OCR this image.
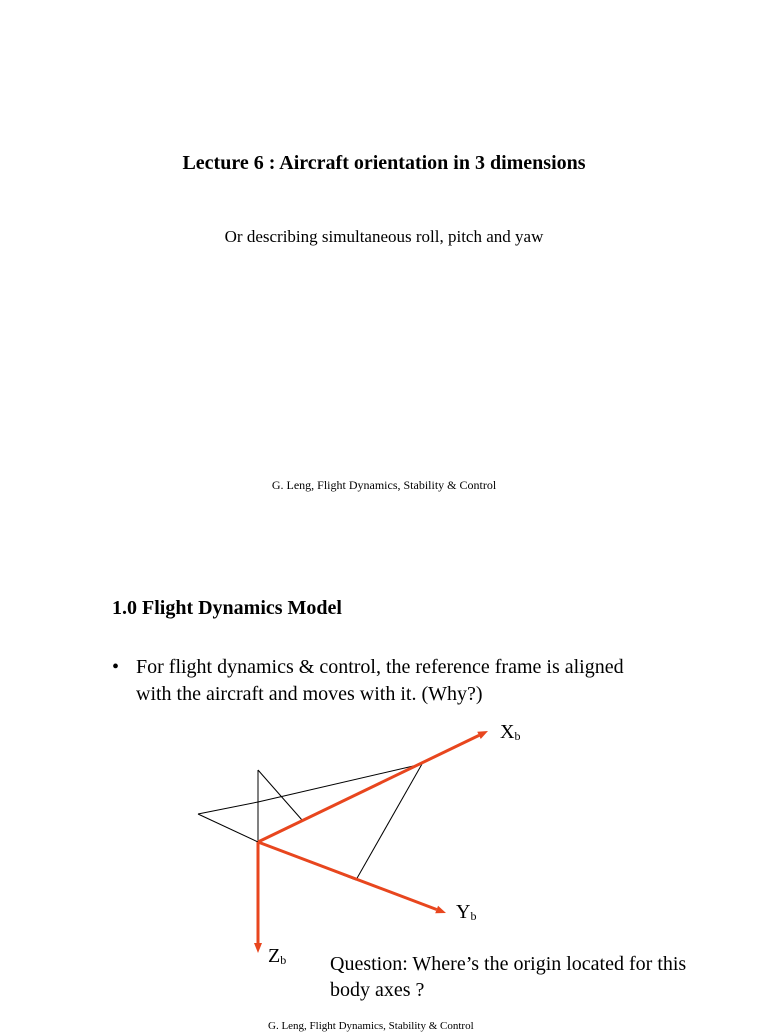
Lecture 6 : Aircraft orientation in 3 dimensions
Or describing simultaneous roll, pitch and yaw
G. Leng, Flight Dynamics, Stability & Control
1.0 Flight Dynamics Model
• For flight dynamics & control, the reference frame is aligned with the aircraft and moves with it. (Why?)
$X_b$
$Y_b$
$Z_b$ Question: Where’s the origin located for this body axes ?
G. Leng, Flight Dynamics, Stability & Control
